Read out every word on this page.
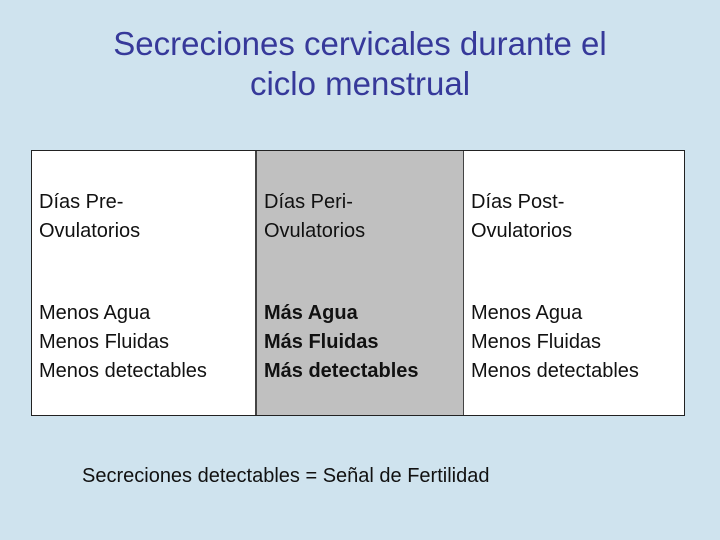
Secreciones cervicales durante el
ciclo menstrual
Días Pre-
Ovulatorios
Menos Agua
Menos Fluidas
Menos detectables
Días Peri-
Ovulatorios
Más Agua
Más Fluidas
Más detectables
Días Post-
Ovulatorios
Menos Agua
Menos Fluidas
Menos detectables
Secreciones detectables = Señal de Fertilidad
